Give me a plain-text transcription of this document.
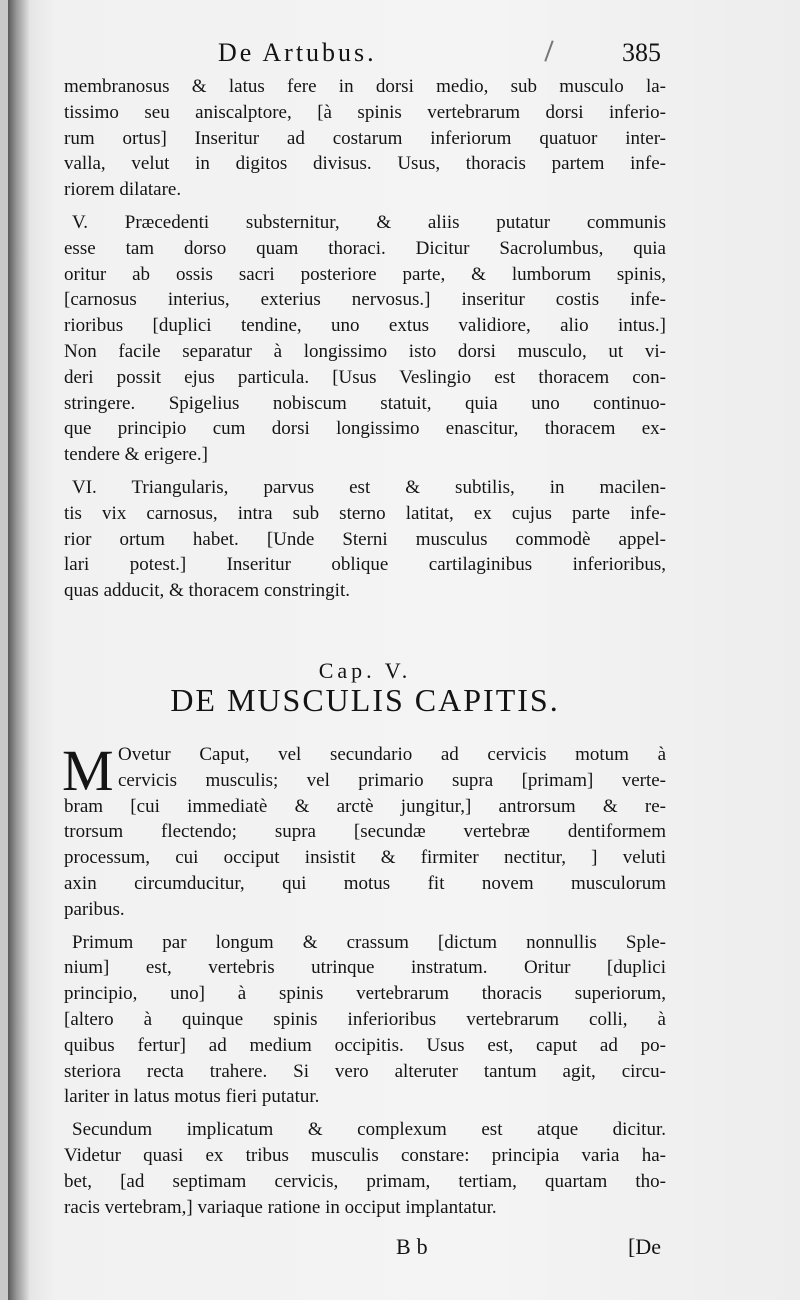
De Artubus.	385
membranosus & latus fere in dorsi medio, sub musculo la-
tissimo seu aniscalptore, [à spinis vertebrarum dorsi inferio-
rum ortus] Inseritur ad costarum inferiorum quatuor inter-
valla, velut in digitos divisus. Usus, thoracis partem infe-
riorem dilatare.
V. Præcedenti substernitur, & aliis putatur communis
esse tam dorso quam thoraci. Dicitur Sacrolumbus, quia
oritur ab ossis sacri posteriore parte, & lumborum spinis,
[carnosus interius, exterius nervosus.] inseritur costis infe-
rioribus [duplici tendine, uno extus validiore, alio intus.]
Non facile separatur à longissimo isto dorsi musculo, ut vi-
deri possit ejus particula. [Usus Veslingio est thoracem con-
stringere. Spigelius nobiscum statuit, quia uno continuo-
que principio cum dorsi longissimo enascitur, thoracem ex-
tendere & erigere.]
VI. Triangularis, parvus est & subtilis, in macilen-
tis vix carnosus, intra sub sterno latitat, ex cujus parte infe-
rior ortum habet. [Unde Sterni musculus commodè appel-
lari potest.] Inseritur oblique cartilaginibus inferioribus,
quas adducit, & thoracem constringit.
Cap. V.
DE MUSCULIS CAPITIS.
M Ovetur Caput, vel secundario ad cervicis motum à
cervicis musculis; vel primario supra [primam] verte-
bram [cui immediatè & arctè jungitur,] antrorsum & re-
trorsum flectendo; supra [secundæ vertebræ dentiformem
processum, cui occiput insistit & firmiter nectitur, ] veluti
axin circumducitur, qui motus fit novem musculorum
paribus.
Primum par longum & crassum [dictum nonnullis Sple-
nium] est, vertebris utrinque instratum. Oritur [duplici
principio, uno] à spinis vertebrarum thoracis superiorum,
[altero à quinque spinis inferioribus vertebrarum colli, à
quibus fertur] ad medium occipitis. Usus est, caput ad po-
steriora recta trahere. Si vero alteruter tantum agit, circu-
lariter in latus motus fieri putatur.
Secundum implicatum & complexum est atque dicitur.
Videtur quasi ex tribus musculis constare: principia varia ha-
bet, [ad septimam cervicis, primam, tertiam, quartam tho-
racis vertebram,] variaque ratione in occiput implantatur.
Bb	[De
